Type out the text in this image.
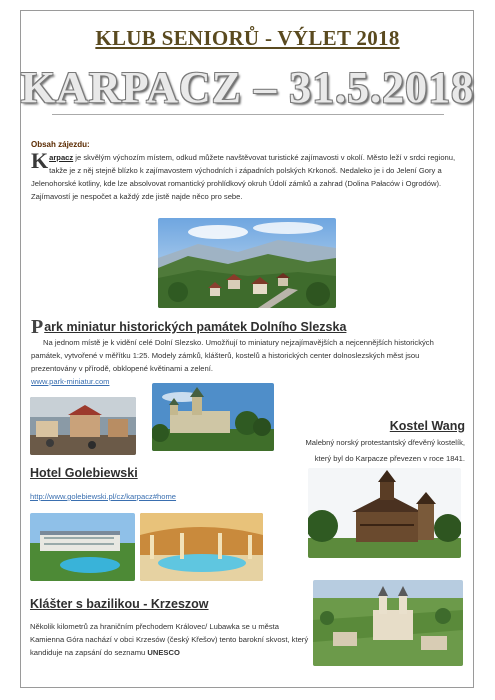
KLUB SENIORŮ - VÝLET 2018
KARPACZ – 31.5.2018
Obsah zájezdu:
Karpacz je skvělým výchozím místem, odkud můžete navštěvovat turistické zajímavosti v okolí. Město leží v srdci regionu, takže je z něj stejně blízko k zajímavostem východních i západních polských Krkonoš. Nedaleko je i do Jelení Gory a Jelenohorské kotliny, kde lze absolvovat romantický prohlídkový okruh Údolí zámků a zahrad (Dolina Pałaców i Ogrodów). Zajímavostí je nespočet a každý zde jistě najde něco pro sebe.
Park miniatur historických památek Dolního Slezska
Na jednom místě je k vidění celé Dolní Slezsko. Umožňují to miniatury nejzajímavějších a nejcennějších historických památek, vytvořené v měřítku 1:25. Modely zámků, klášterů, kostelů a historických center dolnoslezských měst jsou prezentovány v přírodě, obklopené květinami a zelení.
www.park-miniatur.com
Kostel Wang
Malebný norský protestantský dřevěný kostelík,
který byl do Karpacze převezen v roce 1841.
Hotel Golebiewski
http://www.golebiewski.pl/cz/karpacz#home
Klášter s bazilikou - Krzeszow
Několik kilometrů za hraničním přechodem Královec/ Lubawka se u města Kamienna Góra nachází v obci Krzesów (český Křešov) tento barokní skvost, který kandiduje na zapsání do seznamu UNESCO
